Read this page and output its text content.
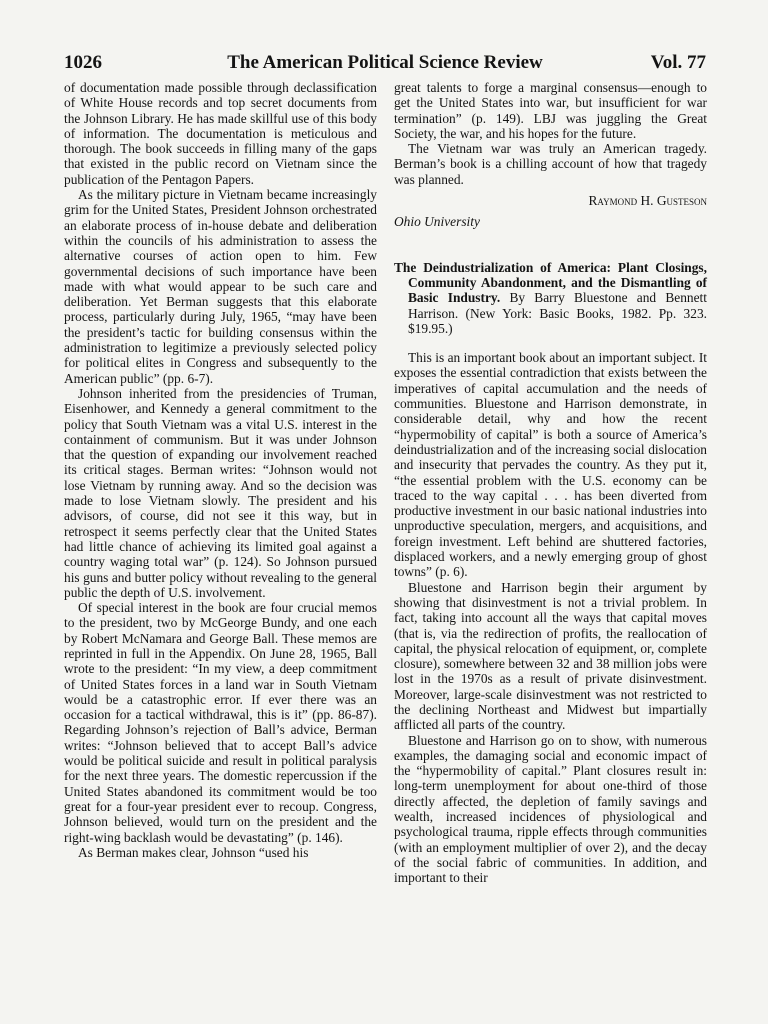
The American Political Science Review
1026	Vol. 77

of documentation made possible through declassification of White House records and top secret documents from the Johnson Library. He has made skillful use of this body of information. The documentation is meticulous and thorough. The book succeeds in filling many of the gaps that existed in the public record on Vietnam since the publication of the Pentagon Papers.

As the military picture in Vietnam became increasingly grim for the United States, President Johnson orchestrated an elaborate process of in-house debate and deliberation within the councils of his administration to assess the alternative courses of action open to him. Few governmental decisions of such importance have been made with what would appear to be such care and deliberation. Yet Berman suggests that this elaborate process, particularly during July, 1965, “may have been the president’s tactic for building consensus within the administration to legitimize a previously selected policy for political elites in Congress and subsequently to the American public” (pp. 6-7).

Johnson inherited from the presidencies of Truman, Eisenhower, and Kennedy a general commitment to the policy that South Vietnam was a vital U.S. interest in the containment of communism. But it was under Johnson that the question of expanding our involvement reached its critical stages. Berman writes: “Johnson would not lose Vietnam by running away. And so the decision was made to lose Vietnam slowly. The president and his advisors, of course, did not see it this way, but in retrospect it seems perfectly clear that the United States had little chance of achieving its limited goal against a country waging total war” (p. 124). So Johnson pursued his guns and butter policy without revealing to the general public the depth of U.S. involvement.

Of special interest in the book are four crucial memos to the president, two by McGeorge Bundy, and one each by Robert McNamara and George Ball. These memos are reprinted in full in the Appendix. On June 28, 1965, Ball wrote to the president: “In my view, a deep commitment of United States forces in a land war in South Vietnam would be a catastrophic error. If ever there was an occasion for a tactical withdrawal, this is it” (pp. 86-87). Regarding Johnson’s rejection of Ball’s advice, Berman writes: “Johnson believed that to accept Ball’s advice would be political suicide and result in political paralysis for the next three years. The domestic repercussion if the United States abandoned its commitment would be too great for a four-year president ever to recoup. Congress, Johnson believed, would turn on the president and the right-wing backlash would be devastating” (p. 146).

As Berman makes clear, Johnson “used his

great talents to forge a marginal consensus—enough to get the United States into war, but insufficient for war termination” (p. 149). LBJ was juggling the Great Society, the war, and his hopes for the future.

The Vietnam war was truly an American tragedy. Berman’s book is a chilling account of how that tragedy was planned.

Raymond H. Gusteson

Ohio University

The Deindustrialization of America: Plant Closings, Community Abandonment, and the Dismantling of Basic Industry. By Barry Bluestone and Bennett Harrison. (New York: Basic Books, 1982. Pp. 323. $19.95.)

This is an important book about an important subject. It exposes the essential contradiction that exists between the imperatives of capital accumulation and the needs of communities. Bluestone and Harrison demonstrate, in considerable detail, why and how the recent “hypermobility of capital” is both a source of America’s deindustrialization and of the increasing social dislocation and insecurity that pervades the country. As they put it, “the essential problem with the U.S. economy can be traced to the way capital . . . has been diverted from productive investment in our basic national industries into unproductive speculation, mergers, and acquisitions, and foreign investment. Left behind are shuttered factories, displaced workers, and a newly emerging group of ghost towns” (p. 6).

Bluestone and Harrison begin their argument by showing that disinvestment is not a trivial problem. In fact, taking into account all the ways that capital moves (that is, via the redirection of profits, the reallocation of capital, the physical relocation of equipment, or, complete closure), somewhere between 32 and 38 million jobs were lost in the 1970s as a result of private disinvestment. Moreover, large-scale disinvestment was not restricted to the declining Northeast and Midwest but impartially afflicted all parts of the country.

Bluestone and Harrison go on to show, with numerous examples, the damaging social and economic impact of the “hypermobility of capital.” Plant closures result in: long-term unemployment for about one-third of those directly affected, the depletion of family savings and wealth, increased incidences of physiological and psychological trauma, ripple effects through communities (with an employment multiplier of over 2), and the decay of the social fabric of communities. In addition, and important to their
